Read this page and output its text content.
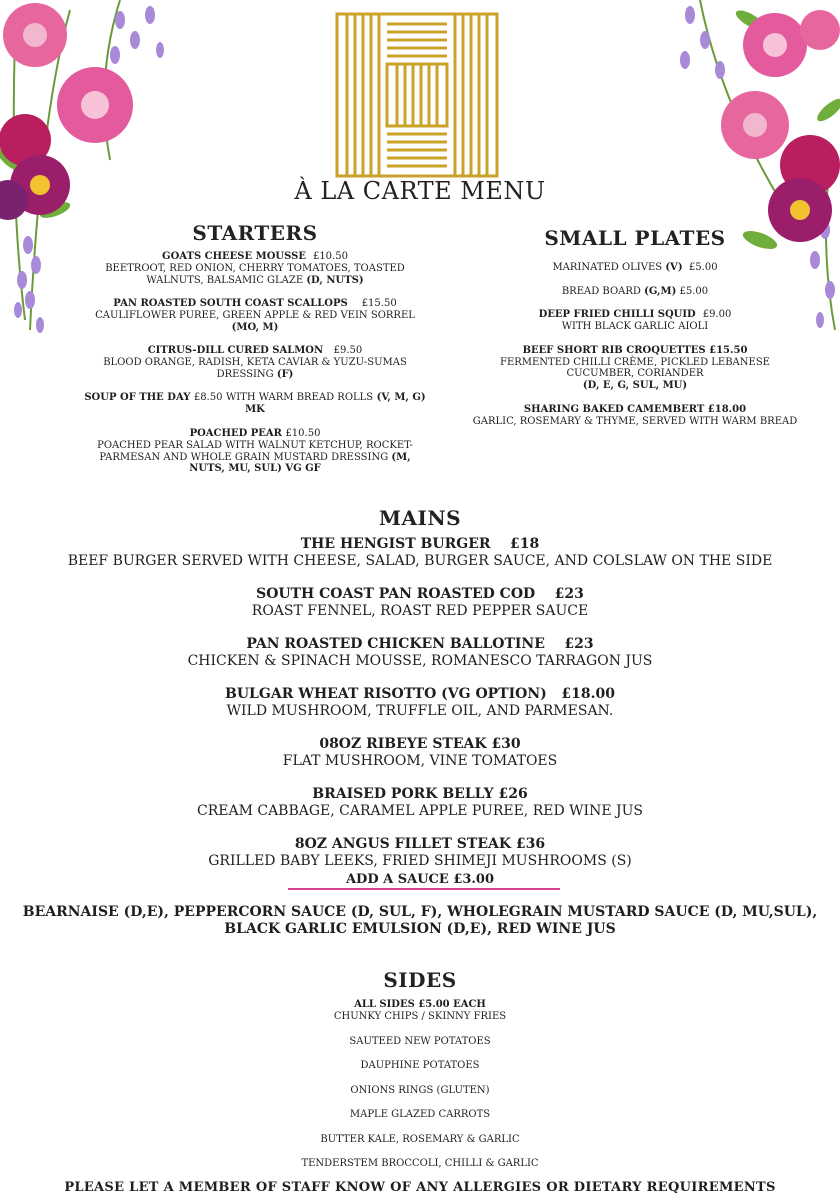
À LA CARTE MENU
STARTERS
GOATS CHEESE MOUSSE £10.50
BEETROOT, RED ONION, CHERRY TOMATOES, TOASTED WALNUTS, BALSAMIC GLAZE (D, NUTS)
PAN ROASTED SOUTH COAST SCALLOPS £15.50
CAULIFLOWER PUREE, GREEN APPLE & RED VEIN SORREL (MO, M)
CITRUS-DILL CURED SALMON £9.50
BLOOD ORANGE, RADISH, KETA CAVIAR & YUZU-SUMAS DRESSING (F)
SOUP OF THE DAY £8.50 WITH WARM BREAD ROLLS (V, M, G) MK
POACHED PEAR £10.50
POACHED PEAR SALAD WITH WALNUT KETCHUP, ROCKET-PARMESAN AND WHOLE GRAIN MUSTARD DRESSING (M, NUTS, MU, SUL) VG GF
SMALL PLATES
MARINATED OLIVES (V) £5.00
BREAD BOARD (G,M) £5.00
DEEP FRIED CHILLI SQUID £9.00
WITH BLACK GARLIC AIOLI
BEEF SHORT RIB CROQUETTES £15.50
FERMENTED CHILLI CRÈME, PICKLED LEBANESE CUCUMBER, CORIANDER
(D, E, G, SUL, MU)
SHARING BAKED CAMEMBERT £18.00
GARLIC, ROSEMARY & THYME, SERVED WITH WARM BREAD
MAINS
THE HENGIST BURGER £18
BEEF BURGER SERVED WITH CHEESE, SALAD, BURGER SAUCE, AND COLSLAW ON THE SIDE
SOUTH COAST PAN ROASTED COD £23
ROAST FENNEL, ROAST RED PEPPER SAUCE
PAN ROASTED CHICKEN BALLOTINE £23
CHICKEN & SPINACH MOUSSE, ROMANESCO TARRAGON JUS
BULGAR WHEAT RISOTTO (VG OPTION) £18.00
WILD MUSHROOM, TRUFFLE OIL, AND PARMESAN.
08OZ RIBEYE STEAK £30
FLAT MUSHROOM, VINE TOMATOES
BRAISED PORK BELLY £26
CREAM CABBAGE, CARAMEL APPLE PUREE, RED WINE JUS
8OZ ANGUS FILLET STEAK £36
GRILLED BABY LEEKS, FRIED SHIMEJI MUSHROOMS (S)
ADD A SAUCE £3.00
BEARNAISE (D,E), PEPPERCORN SAUCE (D, SUL, F), WHOLEGRAIN MUSTARD SAUCE (D, MU,SUL), BLACK GARLIC EMULSION (D,E), RED WINE JUS
SIDES
ALL SIDES £5.00 EACH
CHUNKY CHIPS / SKINNY FRIES
SAUTEED NEW POTATOES
DAUPHINE POTATOES
ONIONS RINGS (GLUTEN)
MAPLE GLAZED CARROTS
BUTTER KALE, ROSEMARY & GARLIC
TENDERSTEM BROCCOLI, CHILLI & GARLIC
PLEASE LET A MEMBER OF STAFF KNOW OF ANY ALLERGIES OR DIETARY REQUIREMENTS
